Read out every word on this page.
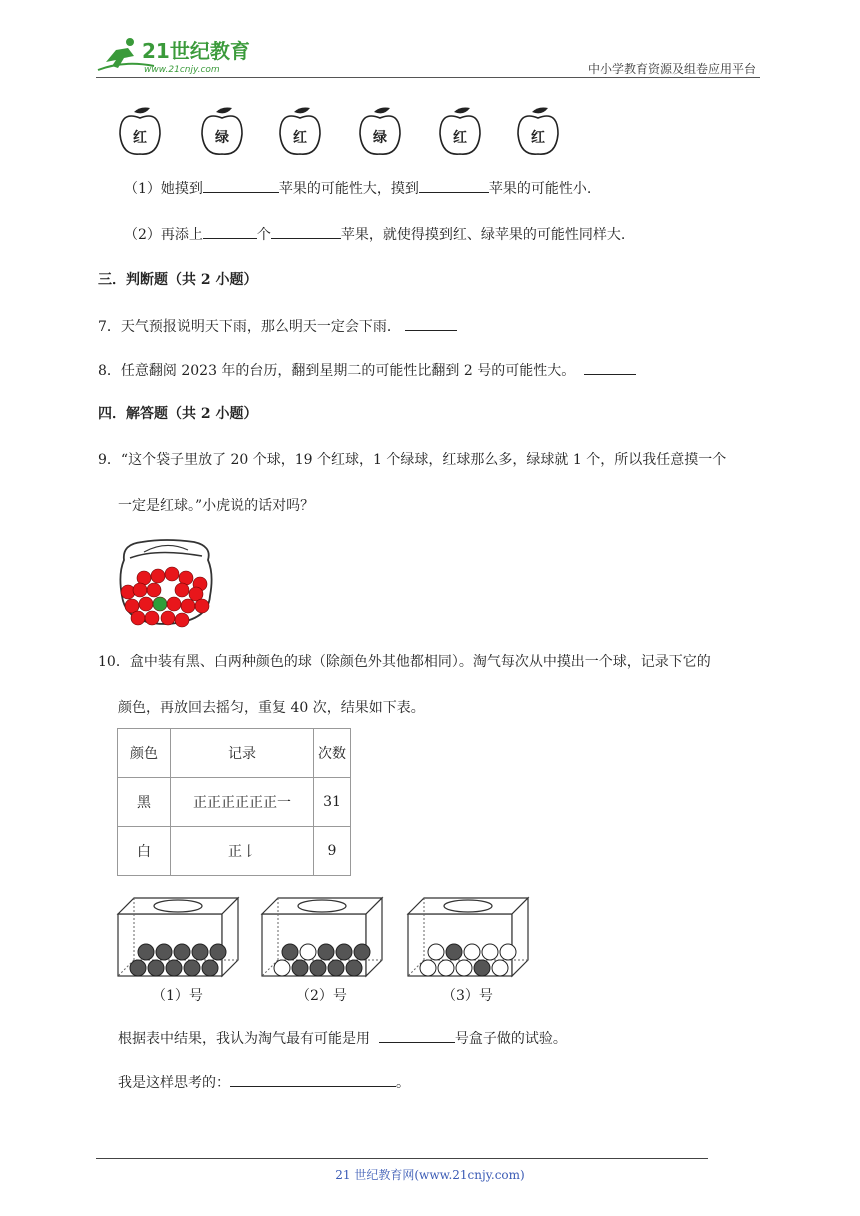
21世纪教育
www.21cnjy.com	中小学教育资源及组卷应用平台
红	绿	红	绿	红	红
（1）她摸到	苹果的可能性大，摸到	苹果的可能性小.
（2）再添上	个	苹果，就使得摸到红、绿苹果的可能性同样大.
三．判断题（共 2 小题）
7．天气预报说明天下雨，那么明天一定会下雨．
8．任意翻阅 2023 年的台历，翻到星期二的可能性比翻到 2 号的可能性大。
四．解答题（共 2 小题）
9．“这个袋子里放了 20 个球，19 个红球，1 个绿球，红球那么多，绿球就 1 个，所以我任意摸一个
一定是红球。”小虎说的话对吗？
10．盒中装有黑、白两种颜色的球（除颜色外其他都相同）。淘气每次从中摸出一个球，记录下它的
颜色，再放回去摇匀，重复 40 次，结果如下表。
颜色	记录	次数
黑	正正正正正正一	31
白	正𠄌	9
（1）号	（2）号	（3）号
根据表中结果，我认为淘气最有可能是用	号盒子做的试验。
我是这样思考的：	。
21 世纪教育网(www.21cnjy.com)
